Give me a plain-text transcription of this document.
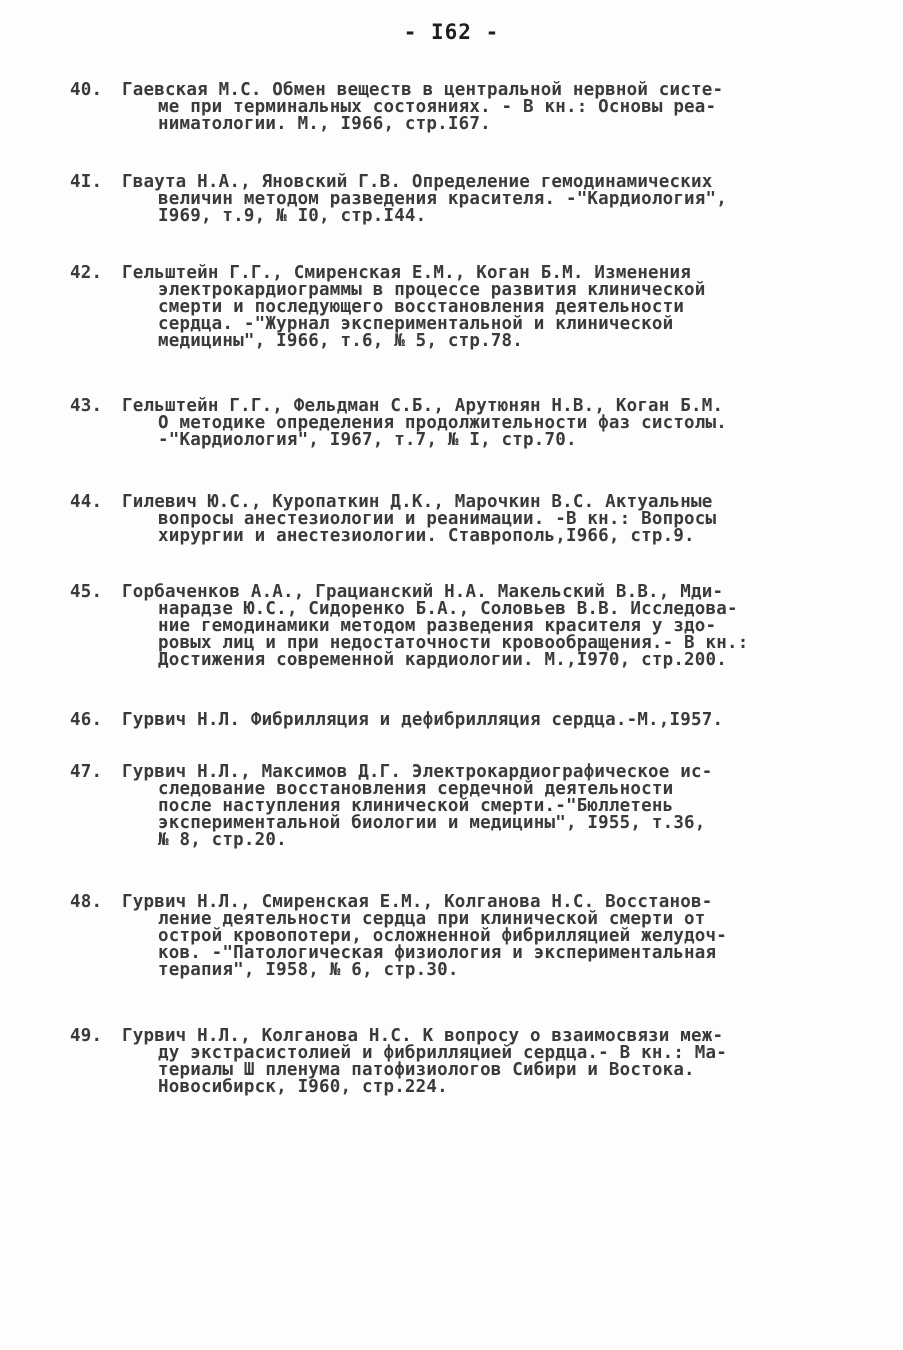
- I62 -
40.	Гаевская М.С. Обмен веществ в центральной нервной систе-
ме при терминальных состояниях. - В кн.: Основы реа-
ниматологии. М., I966, стр.I67.
4I.	Гваута Н.А., Яновский Г.В. Определение гемодинамических
величин методом разведения красителя. -"Кардиология",
I969, т.9, № I0, стр.I44.
42.	Гельштейн Г.Г., Смиренская Е.М., Коган Б.М. Изменения
электрокардиограммы в процессе развития клинической
смерти и последующего восстановления деятельности
сердца. -"Журнал экспериментальной и клинической
медицины", I966, т.6, № 5, стр.78.
43.	Гельштейн Г.Г., Фельдман С.Б., Арутюнян Н.В., Коган Б.М.
О методике определения продолжительности фаз систолы.
-"Кардиология", I967, т.7, № I, стр.70.
44.	Гилевич Ю.С., Куропаткин Д.К., Марочкин В.С. Актуальные
вопросы анестезиологии и реанимации. -В кн.: Вопросы
хирургии и анестезиологии. Ставрополь,I966, стр.9.
45.	Горбаченков А.А., Грацианский Н.А. Макельский В.В., Мди-
нарадзе Ю.С., Сидоренко Б.А., Соловьев В.В. Исследова-
ние гемодинамики методом разведения красителя у здо-
ровых лиц и при недостаточности кровообращения.- В кн.:
Достижения современной кардиологии. М.,I970, стр.200.
46.	Гурвич Н.Л. Фибрилляция и дефибрилляция сердца.-М.,I957.
47.	Гурвич Н.Л., Максимов Д.Г. Электрокардиографическое ис-
следование восстановления сердечной деятельности
после наступления клинической смерти.-"Бюллетень
экспериментальной биологии и медицины", I955, т.36,
№ 8, стр.20.
48.	Гурвич Н.Л., Смиренская Е.М., Колганова Н.С. Восстанов-
ление деятельности сердца при клинической смерти от
острой кровопотери, осложненной фибрилляцией желудоч-
ков. -"Патологическая физиология и экспериментальная
терапия", I958, № 6, стр.30.
49.	Гурвич Н.Л., Колганова Н.С. К вопросу о взаимосвязи меж-
ду экстрасистолией и фибрилляцией сердца.- В кн.: Ма-
териалы Ш пленума патофизиологов Сибири и Востока.
Новосибирск, I960, стр.224.
